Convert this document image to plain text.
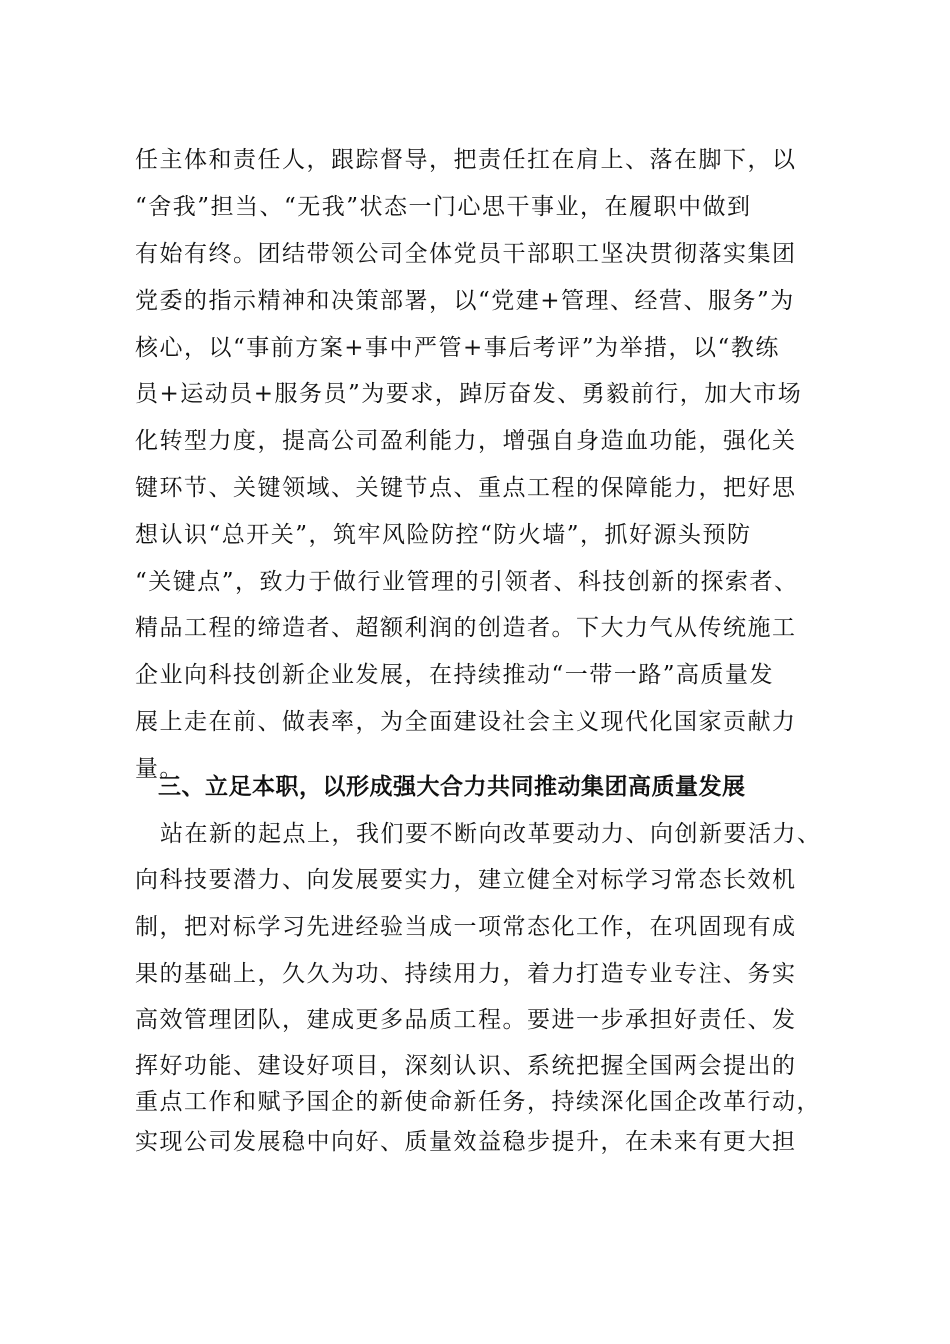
任主体和责任人，跟踪督导，把责任扛在肩上、落在脚下，以
“舍我”担当、“无我”状态一门心思干事业，在履职中做到
有始有终。团结带领公司全体党员干部职工坚决贯彻落实集团
党委的指示精神和决策部署，以“党建+管理、经营、服务”为
核心，以“事前方案+事中严管+事后考评”为举措，以“教练
员+运动员+服务员”为要求，踔厉奋发、勇毅前行，加大市场
化转型力度，提高公司盈利能力，增强自身造血功能，强化关
键环节、关键领域、关键节点、重点工程的保障能力，把好思
想认识“总开关”，筑牢风险防控“防火墙”，抓好源头预防
“关键点”，致力于做行业管理的引领者、科技创新的探索者、
精品工程的缔造者、超额利润的创造者。下大力气从传统施工
企业向科技创新企业发展，在持续推动“一带一路”高质量发
展上走在前、做表率，为全面建设社会主义现代化国家贡献力
量。
三、立足本职，以形成强大合力共同推动集团高质量发展
站在新的起点上，我们要不断向改革要动力、向创新要活力、
向科技要潜力、向发展要实力，建立健全对标学习常态长效机
制，把对标学习先进经验当成一项常态化工作，在巩固现有成
果的基础上，久久为功、持续用力，着力打造专业专注、务实
高效管理团队，建成更多品质工程。要进一步承担好责任、发
挥好功能、建设好项目，深刻认识、系统把握全国两会提出的
重点工作和赋予国企的新使命新任务，持续深化国企改革行动，
实现公司发展稳中向好、质量效益稳步提升，在未来有更大担
